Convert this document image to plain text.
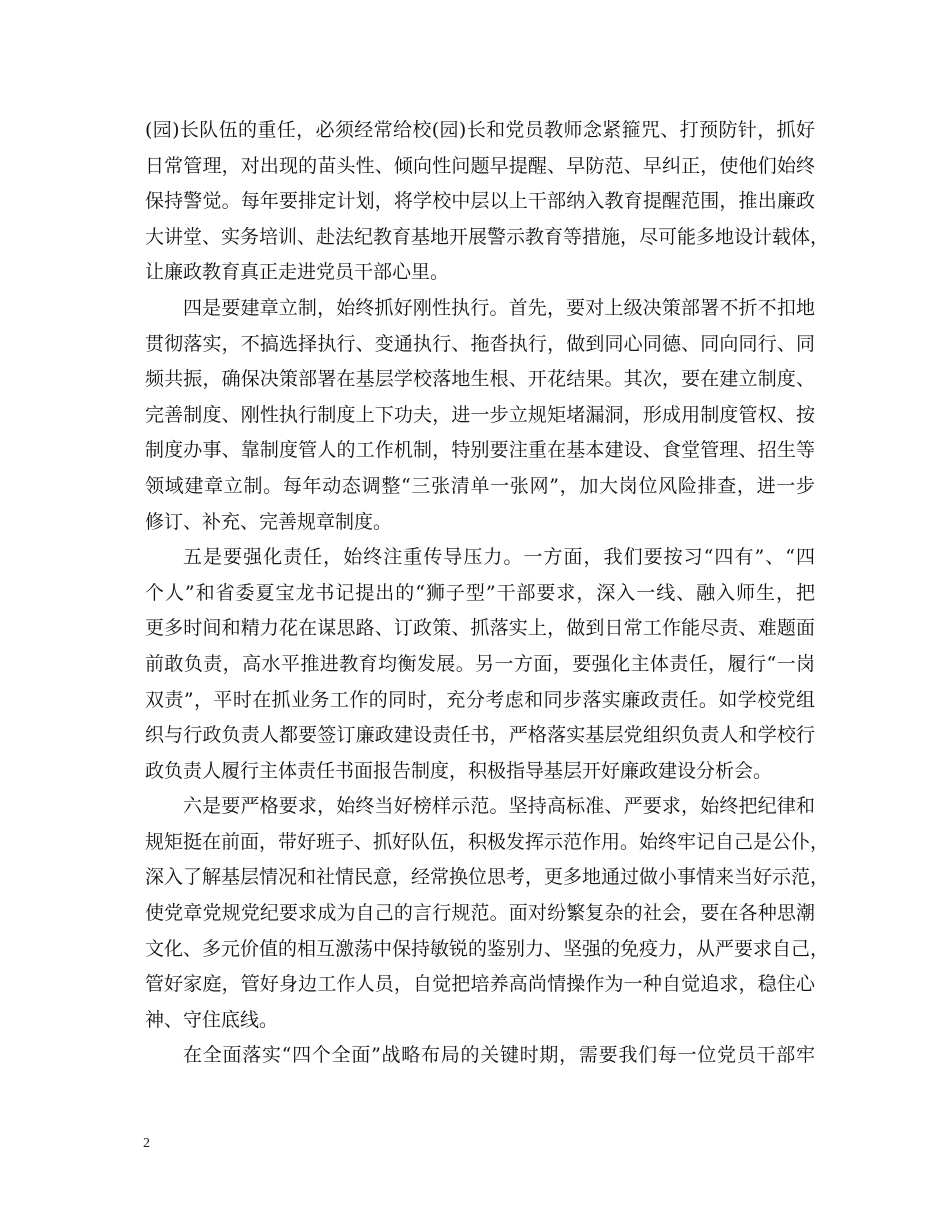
(园)长队伍的重任，必须经常给校(园)长和党员教师念紧箍咒、打预防针，抓好
日常管理，对出现的苗头性、倾向性问题早提醒、早防范、早纠正，使他们始终
保持警觉。每年要排定计划，将学校中层以上干部纳入教育提醒范围，推出廉政
大讲堂、实务培训、赴法纪教育基地开展警示教育等措施，尽可能多地设计载体，
让廉政教育真正走进党员干部心里。
四是要建章立制，始终抓好刚性执行。首先，要对上级决策部署不折不扣地
贯彻落实，不搞选择执行、变通执行、拖沓执行，做到同心同德、同向同行、同
频共振，确保决策部署在基层学校落地生根、开花结果。其次，要在建立制度、
完善制度、刚性执行制度上下功夫，进一步立规矩堵漏洞，形成用制度管权、按
制度办事、靠制度管人的工作机制，特别要注重在基本建设、食堂管理、招生等
领域建章立制。每年动态调整“三张清单一张网”，加大岗位风险排查，进一步
修订、补充、完善规章制度。
五是要强化责任，始终注重传导压力。一方面，我们要按习“四有”、“四
个人”和省委夏宝龙书记提出的“狮子型”干部要求，深入一线、融入师生，把
更多时间和精力花在谋思路、订政策、抓落实上，做到日常工作能尽责、难题面
前敢负责，高水平推进教育均衡发展。另一方面，要强化主体责任，履行“一岗
双责”，平时在抓业务工作的同时，充分考虑和同步落实廉政责任。如学校党组
织与行政负责人都要签订廉政建设责任书，严格落实基层党组织负责人和学校行
政负责人履行主体责任书面报告制度，积极指导基层开好廉政建设分析会。
六是要严格要求，始终当好榜样示范。坚持高标准、严要求，始终把纪律和
规矩挺在前面，带好班子、抓好队伍，积极发挥示范作用。始终牢记自己是公仆，
深入了解基层情况和社情民意，经常换位思考，更多地通过做小事情来当好示范，
使党章党规党纪要求成为自己的言行规范。面对纷繁复杂的社会，要在各种思潮
文化、多元价值的相互激荡中保持敏锐的鉴别力、坚强的免疫力，从严要求自己，
管好家庭，管好身边工作人员，自觉把培养高尚情操作为一种自觉追求，稳住心
神、守住底线。
在全面落实“四个全面”战略布局的关键时期，需要我们每一位党员干部牢
2
